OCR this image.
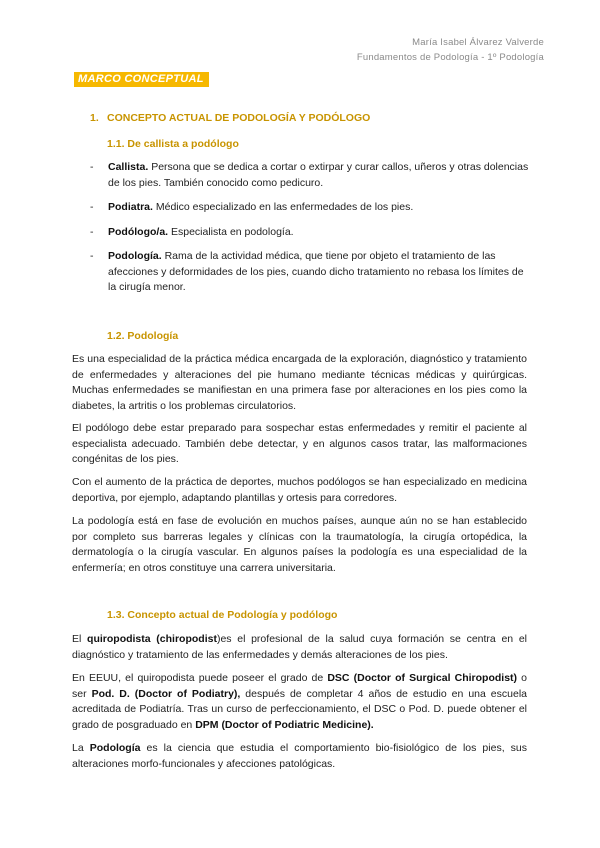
María Isabel Álvarez Valverde
Fundamentos de Podología - 1º Podología
MARCO CONCEPTUAL
1. CONCEPTO ACTUAL DE PODOLOGÍA Y PODÓLOGO
1.1. De callista a podólogo
-	Callista. Persona que se dedica a cortar o extirpar y curar callos, uñeros y otras dolencias de los pies. También conocido como pedicuro.
-	Podiatra. Médico especializado en las enfermedades de los pies.
-	Podólogo/a. Especialista en podología.
-	Podología. Rama de la actividad médica, que tiene por objeto el tratamiento de las afecciones y deformidades de los pies, cuando dicho tratamiento no rebasa los límites de la cirugía menor.
1.2. Podología
Es una especialidad de la práctica médica encargada de la exploración, diagnóstico y tratamiento de enfermedades y alteraciones del pie humano mediante técnicas médicas y quirúrgicas. Muchas enfermedades se manifiestan en una primera fase por alteraciones en los pies como la diabetes, la artritis o los problemas circulatorios.
El podólogo debe estar preparado para sospechar estas enfermedades y remitir el paciente al especialista adecuado. También debe detectar, y en algunos casos tratar, las malformaciones congénitas de los pies.
Con el aumento de la práctica de deportes, muchos podólogos se han especializado en medicina deportiva, por ejemplo, adaptando plantillas y ortesis para corredores.
La podología está en fase de evolución en muchos países, aunque aún no se han establecido por completo sus barreras legales y clínicas con la traumatología, la cirugía ortopédica, la dermatología o la cirugía vascular. En algunos países la podología es una especialidad de la enfermería; en otros constituye una carrera universitaria.
1.3. Concepto actual de Podología y podólogo
El quiropodista (chiropodist)es el profesional de la salud cuya formación se centra en el diagnóstico y tratamiento de las enfermedades y demás alteraciones de los pies.
En EEUU, el quiropodista puede poseer el grado de DSC (Doctor of Surgical Chiropodist) o ser Pod. D. (Doctor of Podiatry), después de completar 4 años de estudio en una escuela acreditada de Podiatría. Tras un curso de perfeccionamiento, el DSC o Pod. D. puede obtener el grado de posgraduado en DPM (Doctor of Podiatric Medicine).
La Podología es la ciencia que estudia el comportamiento bio-fisiológico de los pies, sus alteraciones morfo-funcionales y afecciones patológicas.
